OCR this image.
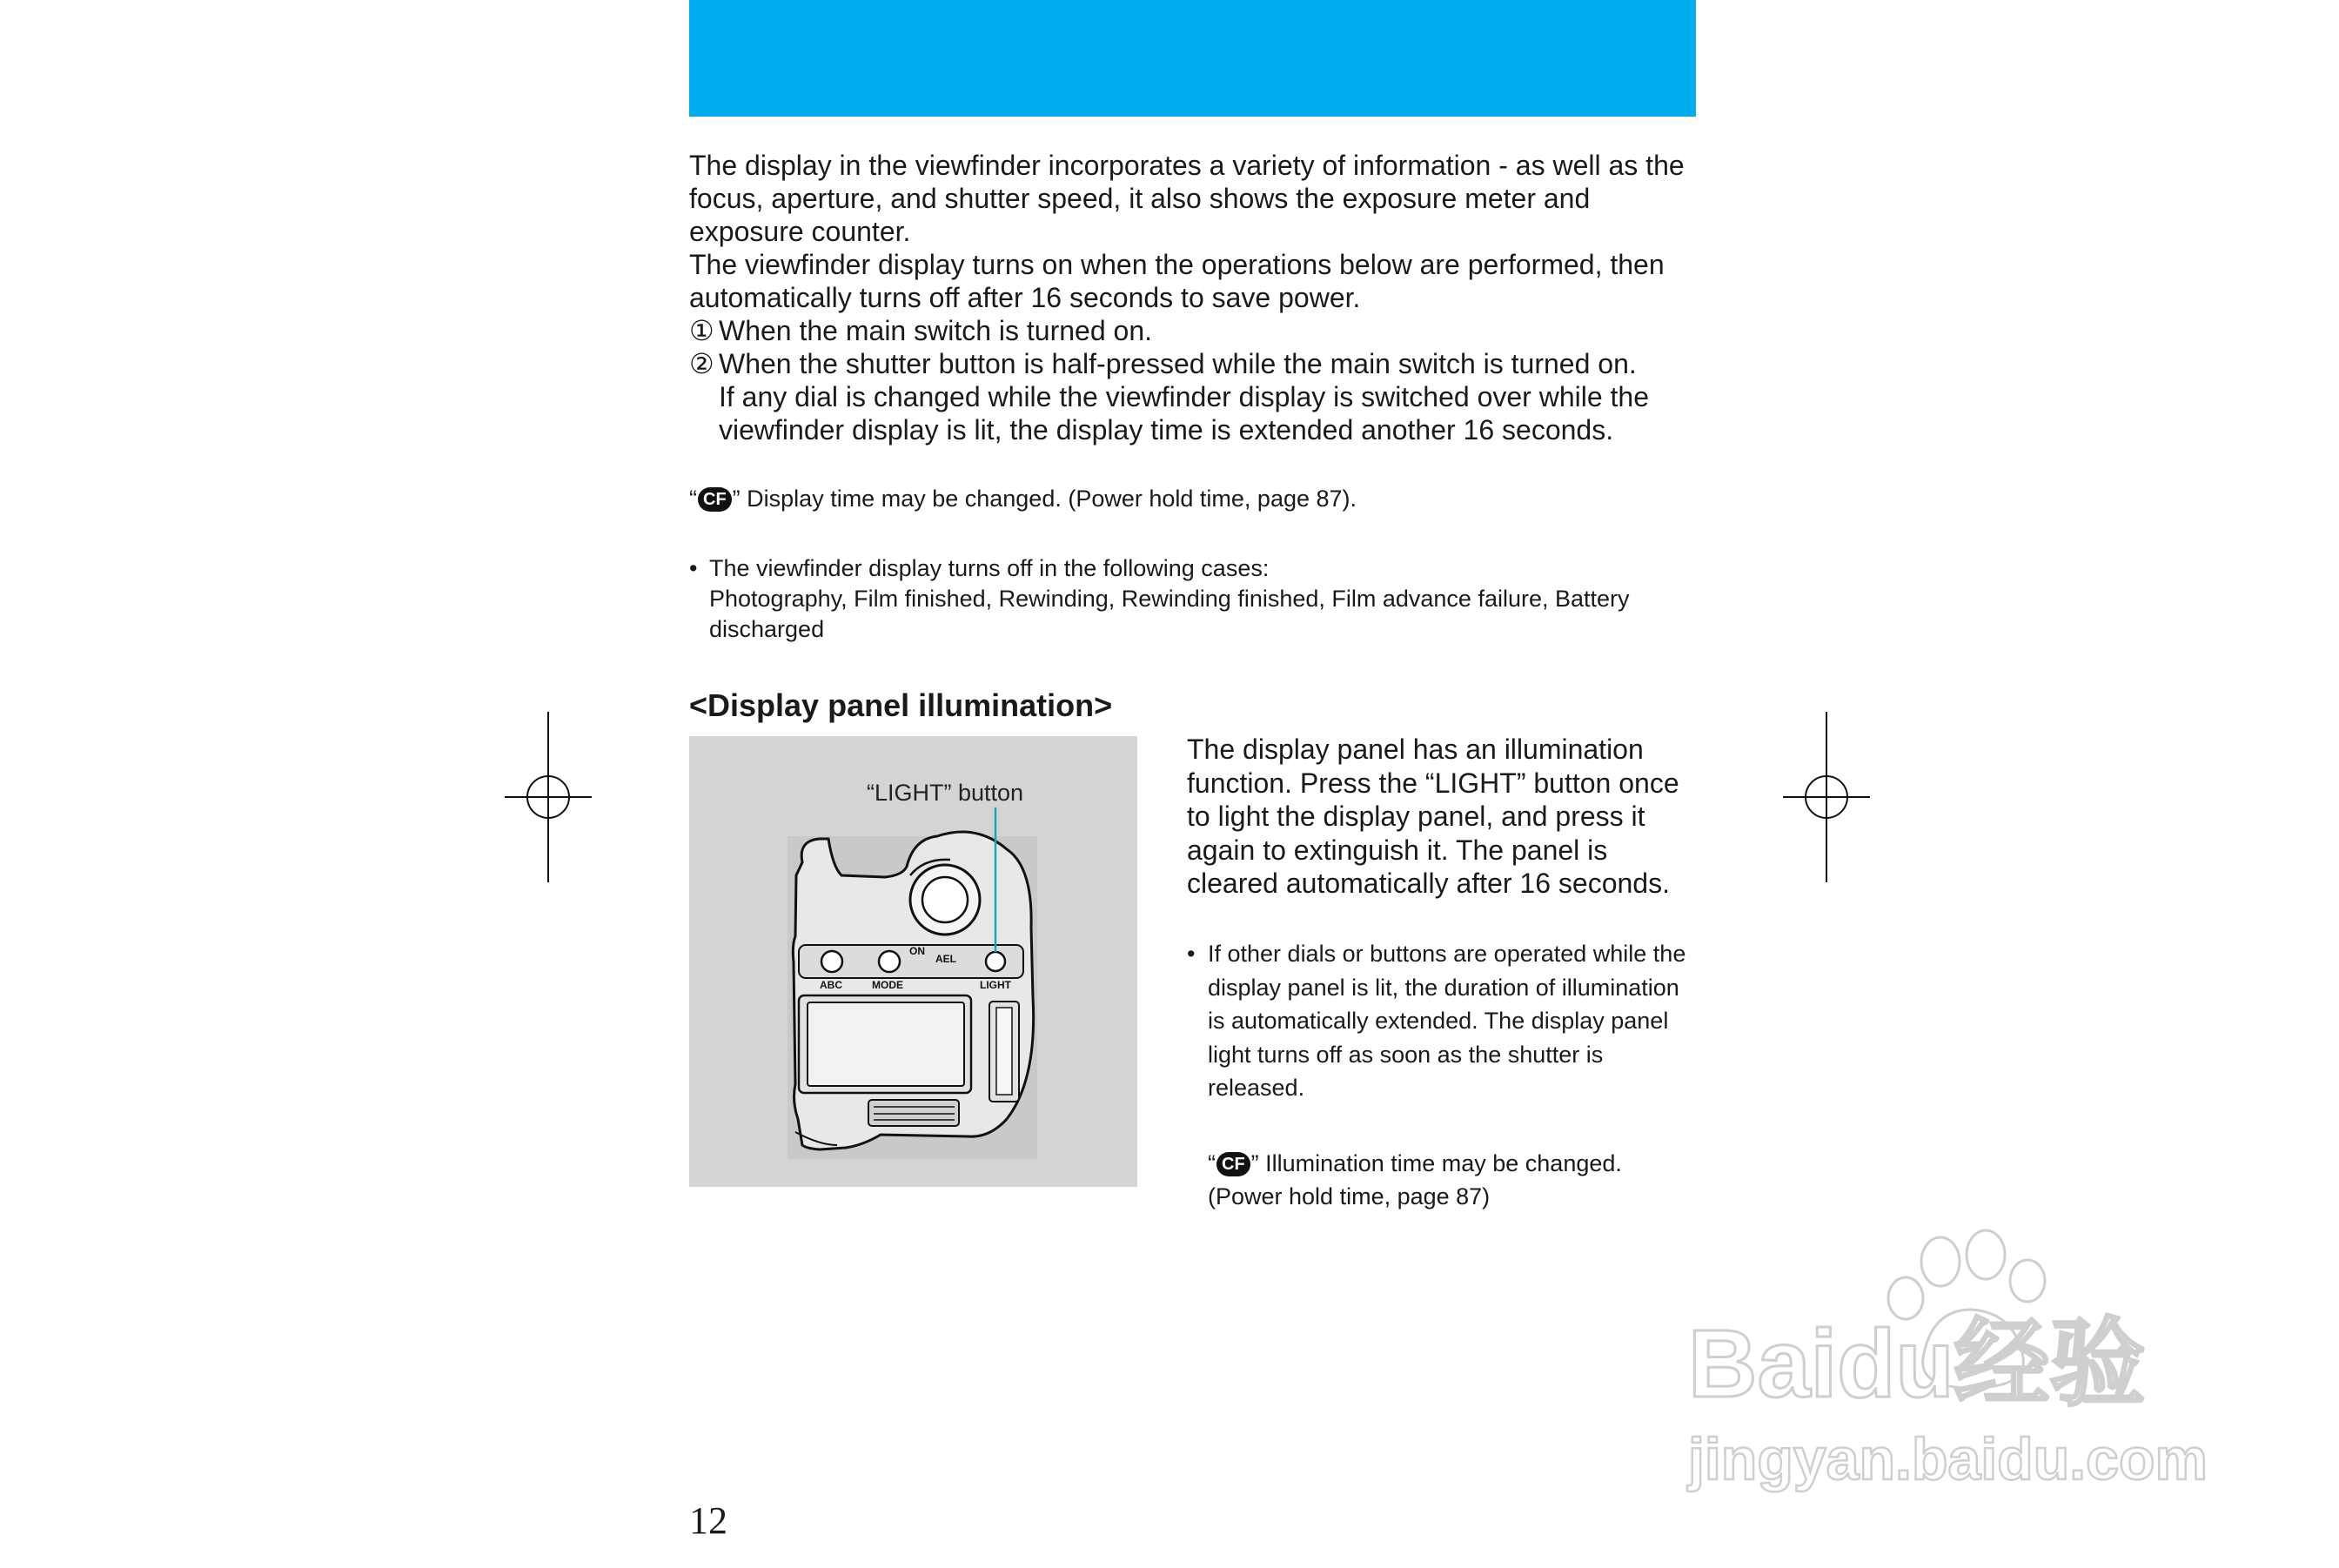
The display in the viewfinder incorporates a variety of information - as well as the focus, aperture, and shutter speed, it also shows the exposure meter and exposure counter.

The viewfinder display turns on when the operations below are performed, then automatically turns off after 16 seconds to save power.

① When the main switch is turned on.

② When the shutter button is half-pressed while the main switch is turned on.

If any dial is changed while the viewfinder display is switched over while the viewfinder display is lit, the display time is extended another 16 seconds.

“ CF ” Display time may be changed. (Power hold time, page 87).
• The viewfinder display turns off in the following cases:

Photography, Film finished, Rewinding, Rewinding finished, Film advance failure, Battery discharged

<Display panel illumination>
ABC	MODE	LIGHT
ON
AEL
“LIGHT” button
The display panel has an illumination function. Press the “LIGHT” button once to light the display panel, and press it again to extinguish it. The panel is cleared automatically after 16 seconds.
• If other dials or buttons are operated while the display panel is lit, the duration of illumination is automatically extended. The display panel light turns off as soon as the shutter is released.
“ CF ” Illumination time may be changed.
(Power hold time, page 87)
12
Baidu经验
jingyan.baidu.com
